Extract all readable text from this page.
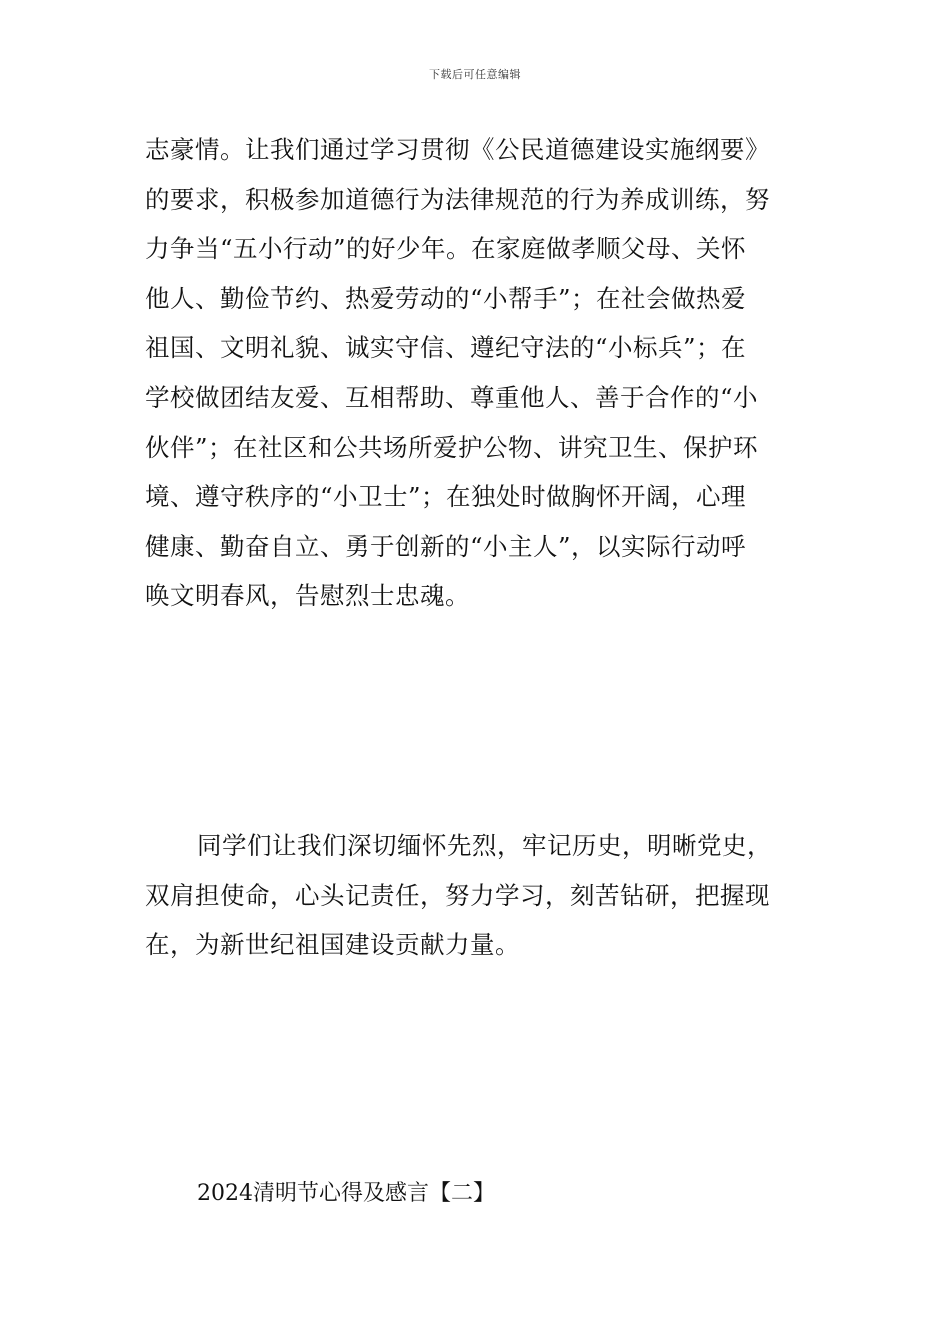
下载后可任意编辑
志豪情。让我们通过学习贯彻《公民道德建设实施纲要》
的要求，积极参加道德行为法律规范的行为养成训练，努
力争当“五小行动”的好少年。在家庭做孝顺父母、关怀
他人、勤俭节约、热爱劳动的“小帮手”；在社会做热爱
祖国、文明礼貌、诚实守信、遵纪守法的“小标兵”；在
学校做团结友爱、互相帮助、尊重他人、善于合作的“小
伙伴”；在社区和公共场所爱护公物、讲究卫生、保护环
境、遵守秩序的“小卫士”；在独处时做胸怀开阔，心理
健康、勤奋自立、勇于创新的“小主人”，以实际行动呼
唤文明春风，告慰烈士忠魂。
同学们让我们深切缅怀先烈，牢记历史，明晰党史，
双肩担使命，心头记责任，努力学习，刻苦钻研，把握现
在，为新世纪祖国建设贡献力量。
2024清明节心得及感言【二】
